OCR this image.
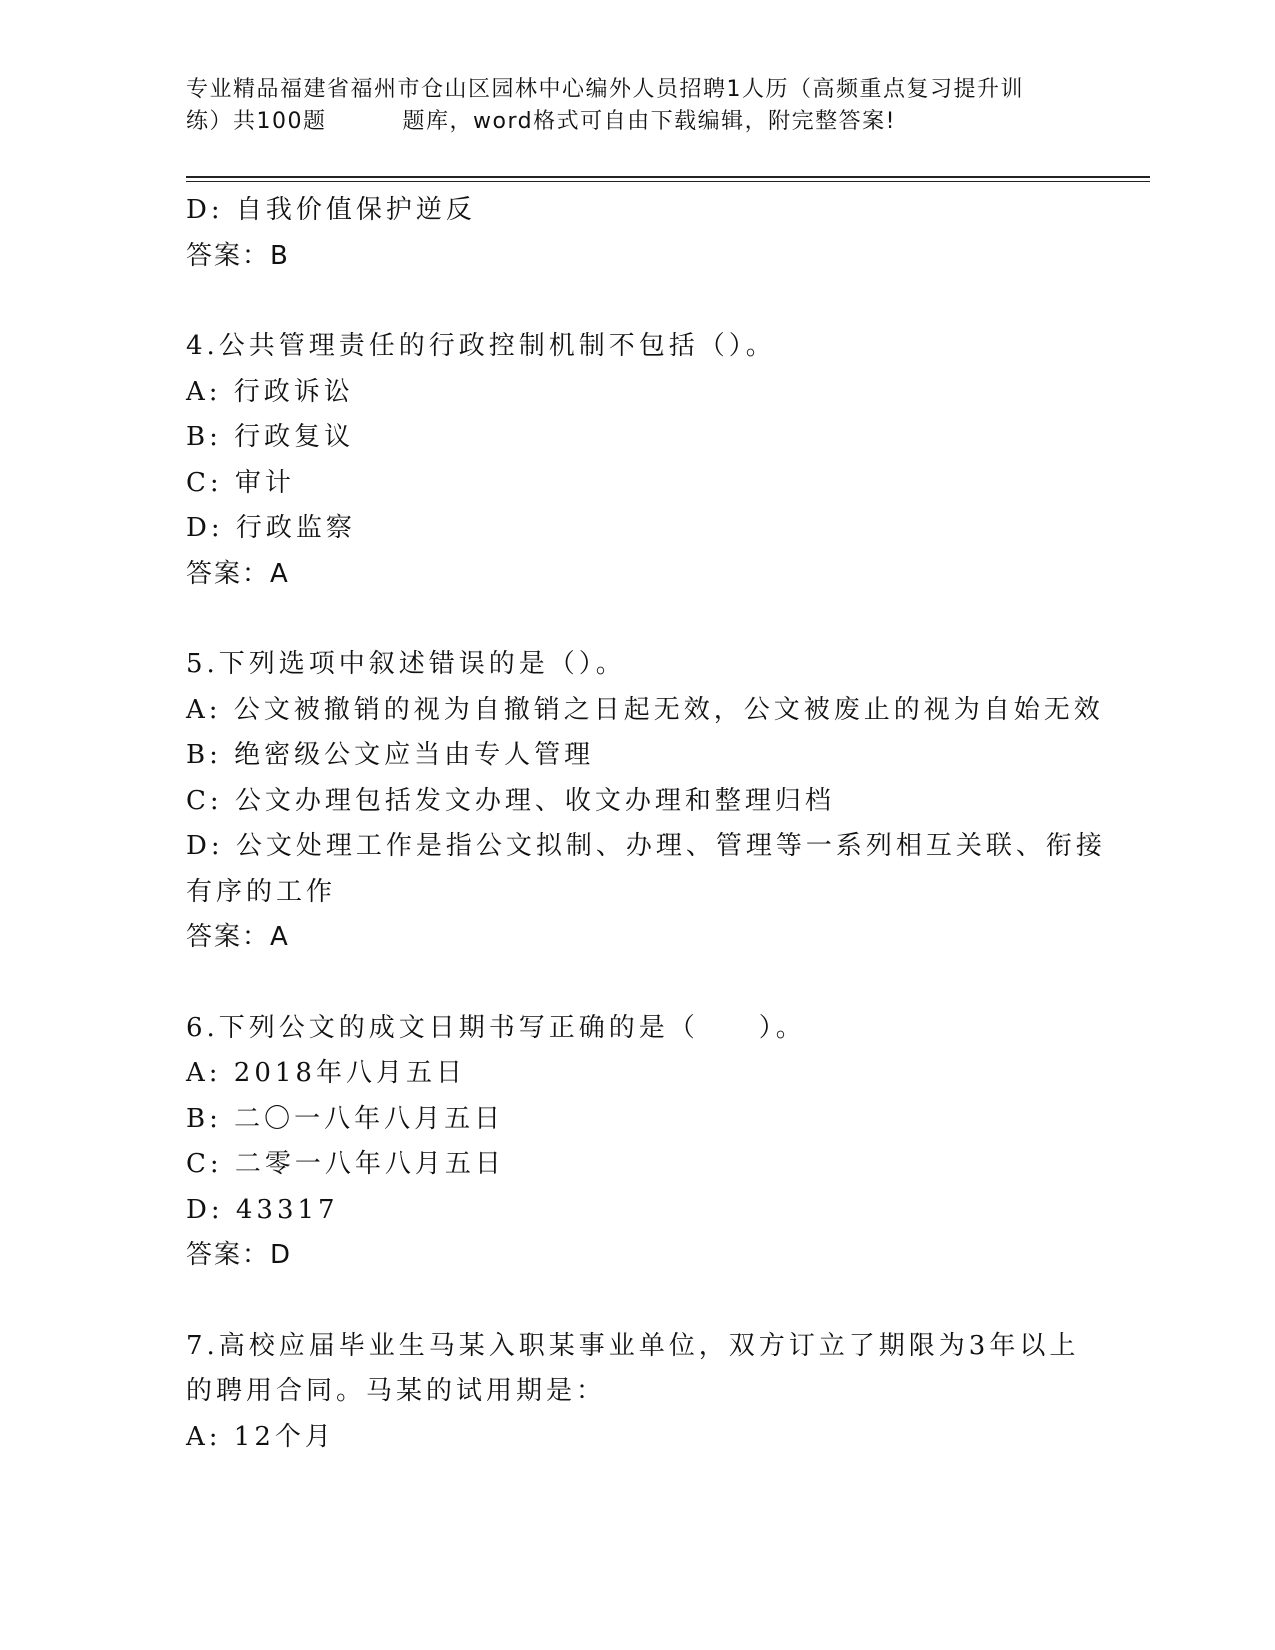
专业精品福建省福州市仓山区园林中心编外人员招聘1人历（高频重点复习提升训
练）共100题	题库，word格式可自由下载编辑，附完整答案!
D: 自我价值保护逆反
答案：B
4.公共管理责任的行政控制机制不包括（）。
A: 行政诉讼
B: 行政复议
C: 审计
D: 行政监察
答案：A
5.下列选项中叙述错误的是（）。
A: 公文被撤销的视为自撤销之日起无效，公文被废止的视为自始无效
B: 绝密级公文应当由专人管理
C: 公文办理包括发文办理、收文办理和整理归档
D: 公文处理工作是指公文拟制、办理、管理等一系列相互关联、衔接
有序的工作
答案：A
6.下列公文的成文日期书写正确的是（　　）。
A: 2018年八月五日
B: 二〇一八年八月五日
C: 二零一八年八月五日
D: 43317
答案：D
7.高校应届毕业生马某入职某事业单位，双方订立了期限为3年以上
的聘用合同。马某的试用期是：
A: 12个月
